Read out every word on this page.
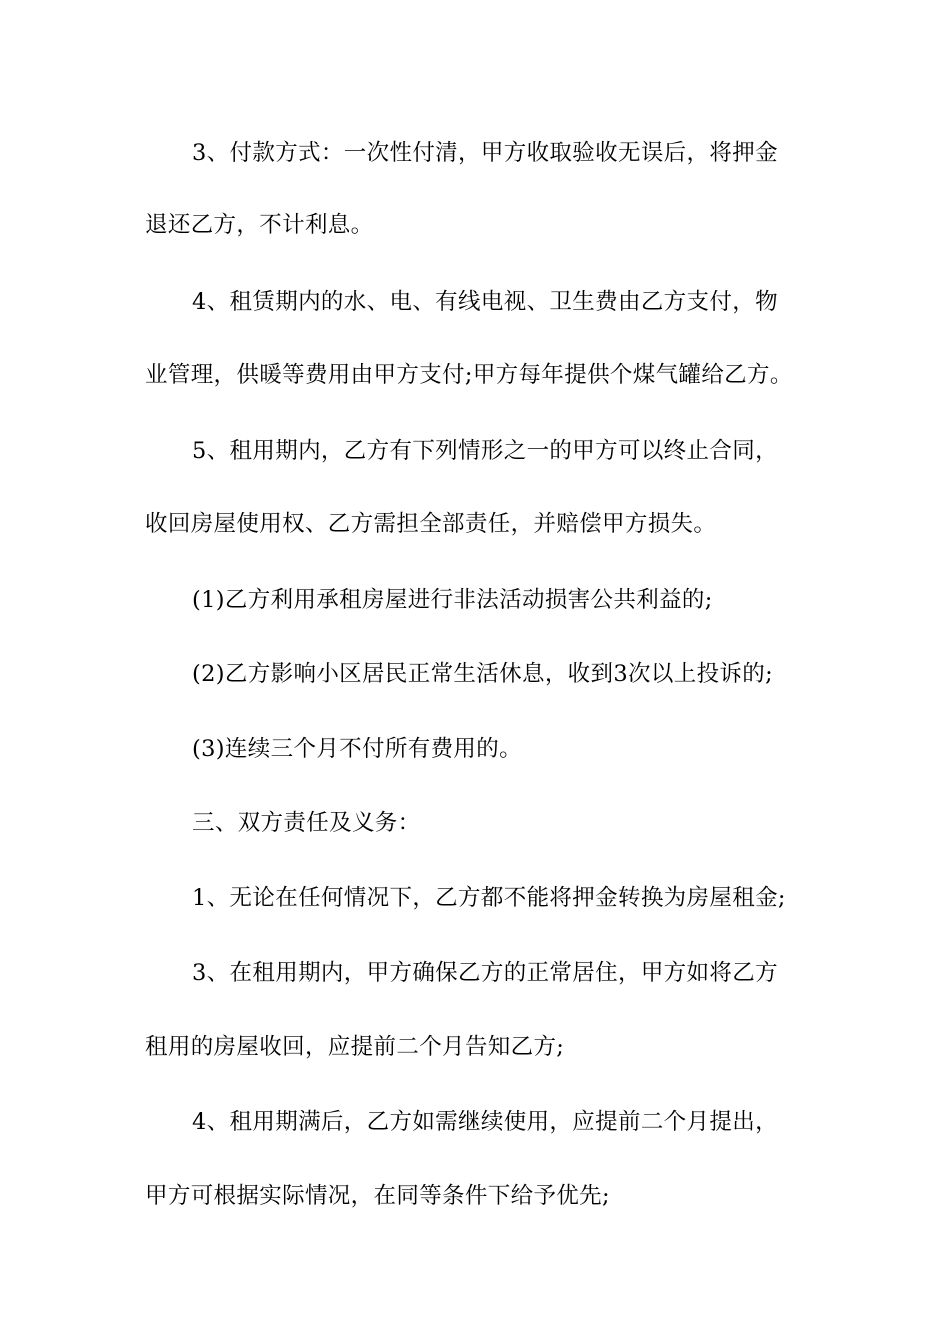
3、付款方式：一次性付清，甲方收取验收无误后，将押金
退还乙方，不计利息。
4、租赁期内的水、电、有线电视、卫生费由乙方支付，物
业管理，供暖等费用由甲方支付;甲方每年提供个煤气罐给乙方。
5、租用期内，乙方有下列情形之一的甲方可以终止合同，
收回房屋使用权、乙方需担全部责任，并赔偿甲方损失。
(1)乙方利用承租房屋进行非法活动损害公共利益的;
(2)乙方影响小区居民正常生活休息，收到3次以上投诉的;
(3)连续三个月不付所有费用的。
三、双方责任及义务：
1、无论在任何情况下，乙方都不能将押金转换为房屋租金;
3、在租用期内，甲方确保乙方的正常居住，甲方如将乙方
租用的房屋收回，应提前二个月告知乙方;
4、租用期满后，乙方如需继续使用，应提前二个月提出，
甲方可根据实际情况，在同等条件下给予优先;
